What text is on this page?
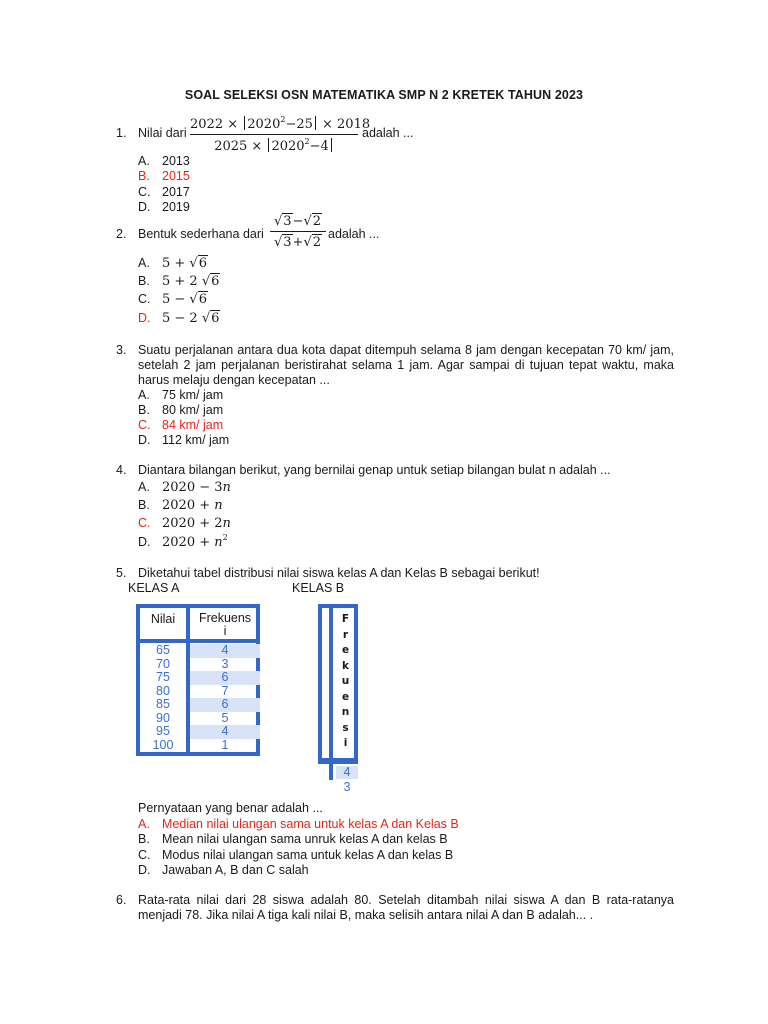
SOAL SELEKSI OSN MATEMATIKA SMP N 2 KRETEK TAHUN 2023
1. Nilai dari
$2022 \times 2020^2-25 \times 2018$
$2025 \times 2020^2-4$
adalah ...
A. 2013
B. 2015
C. 2017
D. 2019
2. Bentuk sederhana dari
√3−√2
√3+√2
adalah ...
A. 5 + √6
B. 5 + 2 √6
C. 5 − √6
D. 5 − 2 √6
3. Suatu perjalanan antara dua kota dapat ditempuh selama 8 jam dengan kecepatan 70 km/ jam, setelah 2 jam perjalanan beristirahat selama 1 jam. Agar sampai di tujuan tepat waktu, maka harus melaju dengan kecepatan ...
A. 75 km/ jam
B. 80 km/ jam
C. 84 km/ jam
D. 112 km/ jam
4. Diantara bilangan berikut, yang bernilai genap untuk setiap bilangan bulat n adalah ...
A. 2020 − 3n
B. 2020 + n
C. 2020 + 2n
D. $2020 + n^2$
5. Diketahui tabel distribusi nilai siswa kelas A dan Kelas B sebagai berikut!
KELAS A	KELAS B
Nilai	Frekuens
i
65	4
70	3
75	6
80	7
85	6
90	5
95	4
100	1
F
r
e
k
u
e
n
s
i
4
3
Pernyataan yang benar adalah ...
A. Median nilai ulangan sama untuk kelas A dan Kelas B
B. Mean nilai ulangan sama unruk kelas A dan kelas B
C. Modus nilai ulangan sama untuk kelas A dan kelas B
D. Jawaban A, B dan C salah
6. Rata-rata nilai dari 28 siswa adalah 80. Setelah ditambah nilai siswa A dan B rata-ratanya menjadi 78. Jika nilai A tiga kali nilai B, maka selisih antara nilai A dan B adalah... .
